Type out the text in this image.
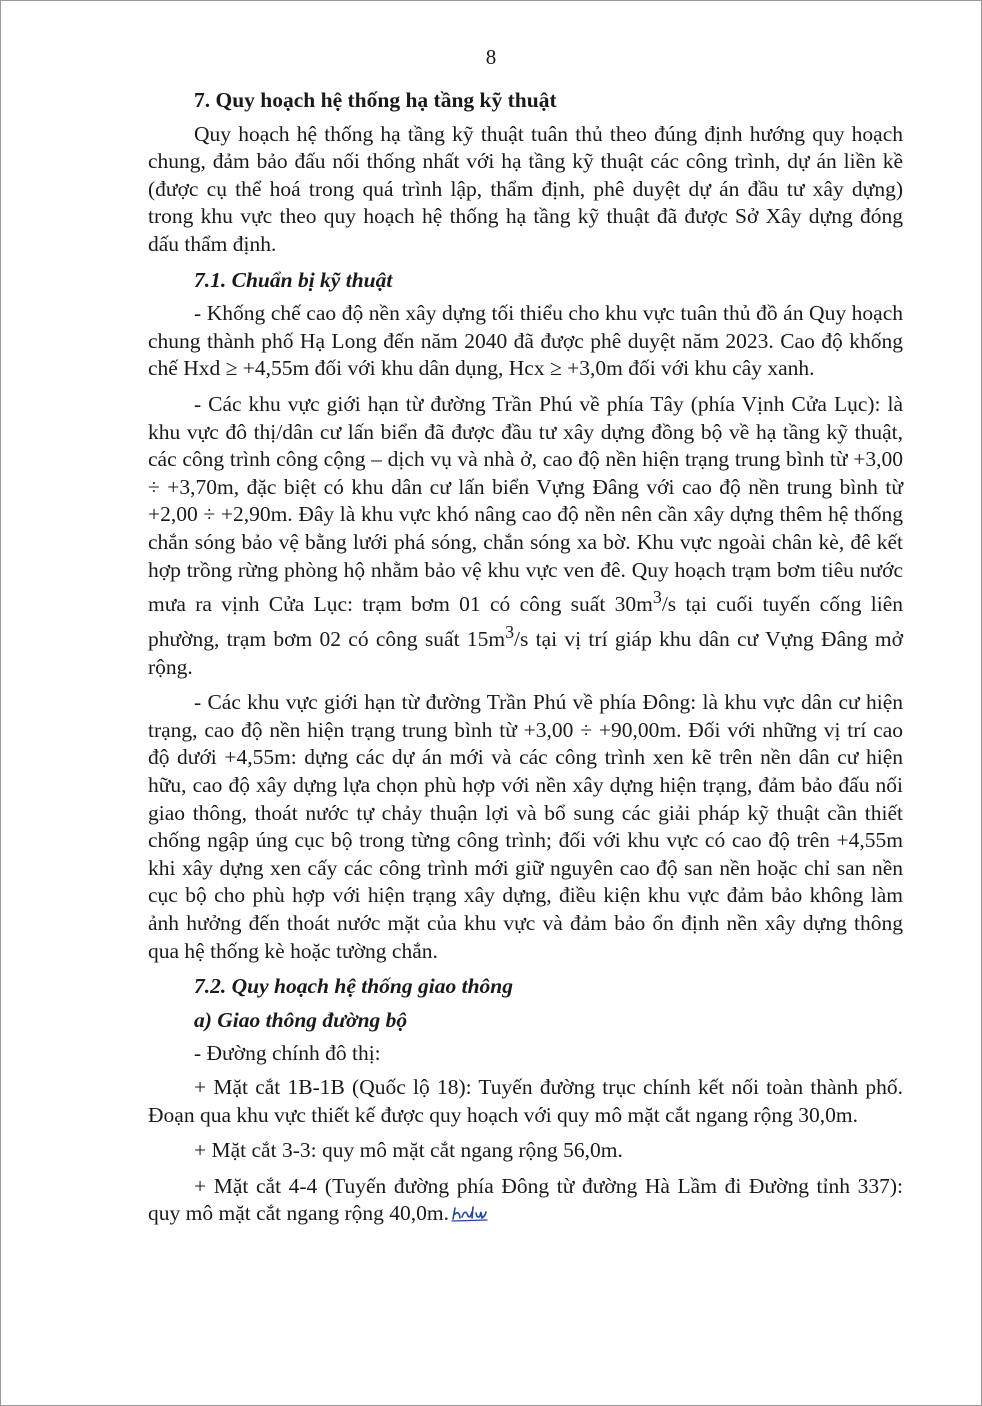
8
7. Quy hoạch hệ thống hạ tầng kỹ thuật

Quy hoạch hệ thống hạ tầng kỹ thuật tuân thủ theo đúng định hướng quy hoạch chung, đảm bảo đấu nối thống nhất với hạ tầng kỹ thuật các công trình, dự án liền kề (được cụ thể hoá trong quá trình lập, thẩm định, phê duyệt dự án đầu tư xây dựng) trong khu vực theo quy hoạch hệ thống hạ tầng kỹ thuật đã được Sở Xây dựng đóng dấu thẩm định.

7.1. Chuẩn bị kỹ thuật

- Khống chế cao độ nền xây dựng tối thiểu cho khu vực tuân thủ đồ án Quy hoạch chung thành phố Hạ Long đến năm 2040 đã được phê duyệt năm 2023. Cao độ khống chế Hxd ≥ +4,55m đối với khu dân dụng, Hcx ≥ +3,0m đối với khu cây xanh.

- Các khu vực giới hạn từ đường Trần Phú về phía Tây (phía Vịnh Cửa Lục): là khu vực đô thị/dân cư lấn biển đã được đầu tư xây dựng đồng bộ về hạ tầng kỹ thuật, các công trình công cộng – dịch vụ và nhà ở, cao độ nền hiện trạng trung bình từ +3,00 ÷ +3,70m, đặc biệt có khu dân cư lấn biển Vựng Đâng với cao độ nền trung bình từ +2,00 ÷ +2,90m. Đây là khu vực khó nâng cao độ nền nên cần xây dựng thêm hệ thống chắn sóng bảo vệ bằng lưới phá sóng, chắn sóng xa bờ. Khu vực ngoài chân kè, đê kết hợp trồng rừng phòng hộ nhằm bảo vệ khu vực ven đê. Quy hoạch trạm bơm tiêu nước mưa ra vịnh Cửa Lục: trạm bơm 01 có công suất $30m^3/s$ tại cuối tuyến cống liên phường, trạm bơm 02 có công suất $15m^3/s$ tại vị trí giáp khu dân cư Vựng Đâng mở rộng.

- Các khu vực giới hạn từ đường Trần Phú về phía Đông: là khu vực dân cư hiện trạng, cao độ nền hiện trạng trung bình từ +3,00 ÷ +90,00m. Đối với những vị trí cao độ dưới +4,55m: dựng các dự án mới và các công trình xen kẽ trên nền dân cư hiện hữu, cao độ xây dựng lựa chọn phù hợp với nền xây dựng hiện trạng, đảm bảo đấu nối giao thông, thoát nước tự chảy thuận lợi và bổ sung các giải pháp kỹ thuật cần thiết chống ngập úng cục bộ trong từng công trình; đối với khu vực có cao độ trên +4,55m khi xây dựng xen cấy các công trình mới giữ nguyên cao độ san nền hoặc chỉ san nền cục bộ cho phù hợp với hiện trạng xây dựng, điều kiện khu vực đảm bảo không làm ảnh hưởng đến thoát nước mặt của khu vực và đảm bảo ổn định nền xây dựng thông qua hệ thống kè hoặc tường chắn.

7.2. Quy hoạch hệ thống giao thông
a) Giao thông đường bộ

- Đường chính đô thị:

+ Mặt cắt 1B-1B (Quốc lộ 18): Tuyến đường trục chính kết nối toàn thành phố. Đoạn qua khu vực thiết kế được quy hoạch với quy mô mặt cắt ngang rộng 30,0m.

+ Mặt cắt 3-3: quy mô mặt cắt ngang rộng 56,0m.

+ Mặt cắt 4-4 (Tuyến đường phía Đông từ đường Hà Lầm đi Đường tỉnh 337): quy mô mặt cắt ngang rộng 40,0m.
